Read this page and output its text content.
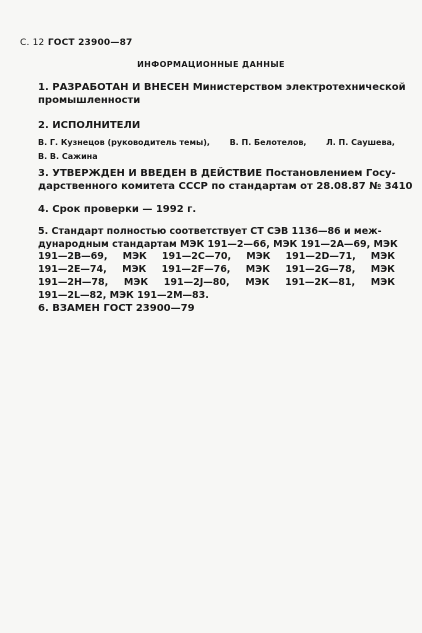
С. 12 ГОСТ 23900—87
ИНФОРМАЦИОННЫЕ ДАННЫЕ
1. РАЗРАБОТАН И ВНЕСЕН Министерством электротехнической
промышленности
2. ИСПОЛНИТЕЛИ
В. Г. Кузнецов (руководитель темы), В. П. Белотелов, Л. П. Саушева,
В. В. Сажина
3. УТВЕРЖДЕН И ВВЕДЕН В ДЕЙСТВИЕ Постановлением Госу-
дарственного комитета СССР по стандартам от 28.08.87 № 3410
4. Срок проверки — 1992 г.
5. Стандарт полностью соответствует СТ СЭВ 1136—86 и меж-
дународным стандартам МЭК 191—2—66, МЭК 191—2А—69, МЭК
191—2В—69, МЭК 191—2С—70, МЭК 191—2D—71, МЭК
191—2Е—74, МЭК 191—2F—76, МЭК 191—2G—78, МЭК
191—2Н—78, МЭК 191—2J—80, МЭК 191—2К—81, МЭК
191—2L—82, МЭК 191—2М—83.
6. ВЗАМЕН ГОСТ 23900—79
